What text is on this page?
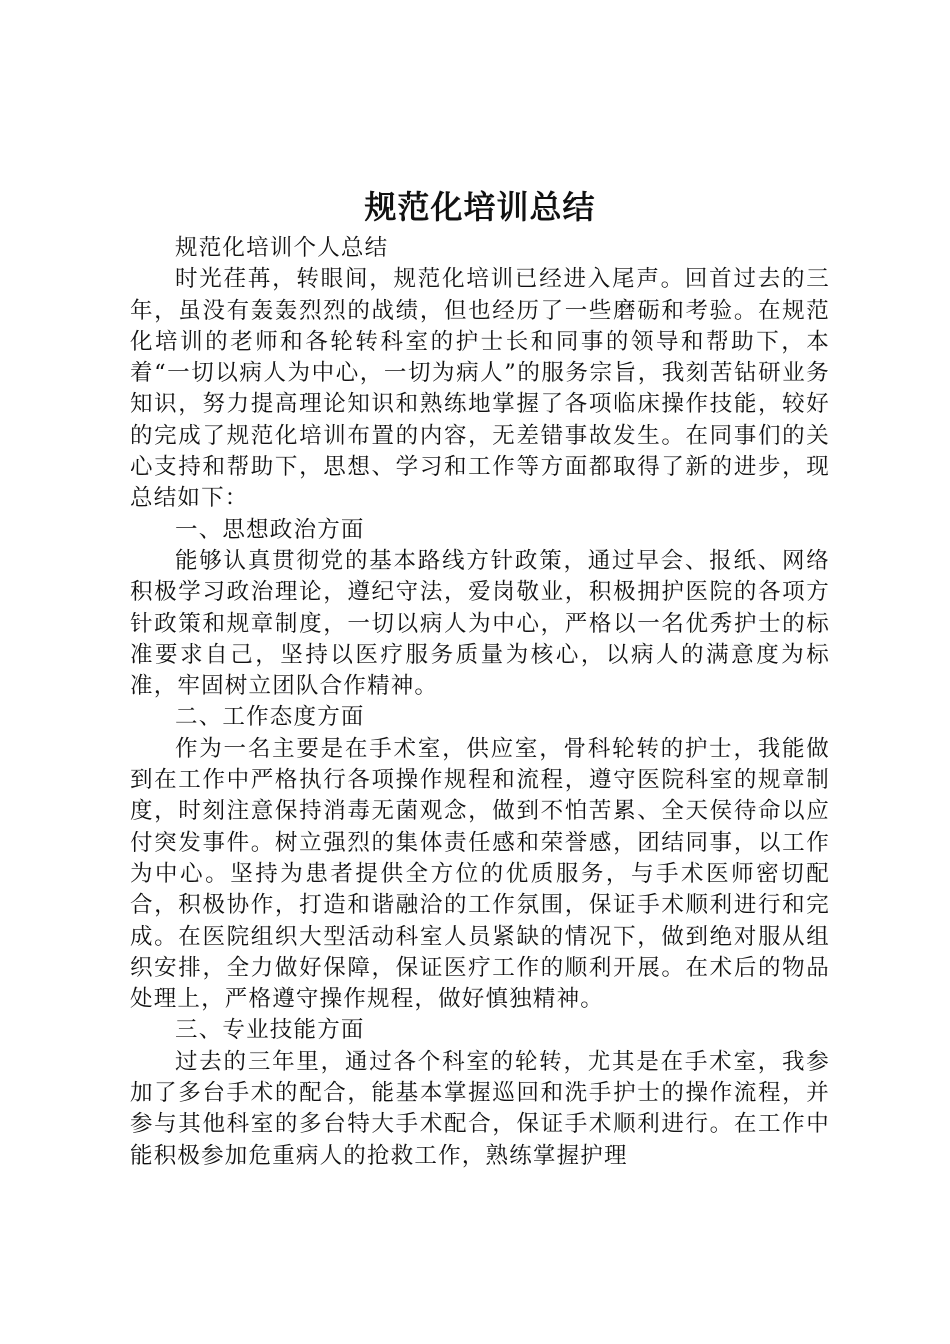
规范化培训总结

规范化培训个人总结

时光荏苒，转眼间，规范化培训已经进入尾声。回首过去的三年，虽没有轰轰烈烈的战绩，但也经历了一些磨砺和考验。在规范化培训的老师和各轮转科室的护士长和同事的领导和帮助下，本着“一切以病人为中心，一切为病人”的服务宗旨，我刻苦钻研业务知识，努力提高理论知识和熟练地掌握了各项临床操作技能，较好的完成了规范化培训布置的内容，无差错事故发生。在同事们的关心支持和帮助下，思想、学习和工作等方面都取得了新的进步，现总结如下：

一、思想政治方面

能够认真贯彻党的基本路线方针政策，通过早会、报纸、网络积极学习政治理论，遵纪守法，爱岗敬业，积极拥护医院的各项方针政策和规章制度，一切以病人为中心，严格以一名优秀护士的标准要求自己，坚持以医疗服务质量为核心，以病人的满意度为标准，牢固树立团队合作精神。

二、工作态度方面

作为一名主要是在手术室，供应室，骨科轮转的护士，我能做到在工作中严格执行各项操作规程和流程，遵守医院科室的规章制度，时刻注意保持消毒无菌观念，做到不怕苦累、全天侯待命以应付突发事件。树立强烈的集体责任感和荣誉感，团结同事，以工作为中心。坚持为患者提供全方位的优质服务，与手术医师密切配合，积极协作，打造和谐融洽的工作氛围，保证手术顺利进行和完成。在医院组织大型活动科室人员紧缺的情况下，做到绝对服从组织安排，全力做好保障，保证医疗工作的顺利开展。在术后的物品处理上，严格遵守操作规程，做好慎独精神。

三、专业技能方面

过去的三年里，通过各个科室的轮转，尤其是在手术室，我参加了多台手术的配合，能基本掌握巡回和洗手护士的操作流程，并参与其他科室的多台特大手术配合，保证手术顺利进行。在工作中能积极参加危重病人的抢救工作，熟练掌握护理
